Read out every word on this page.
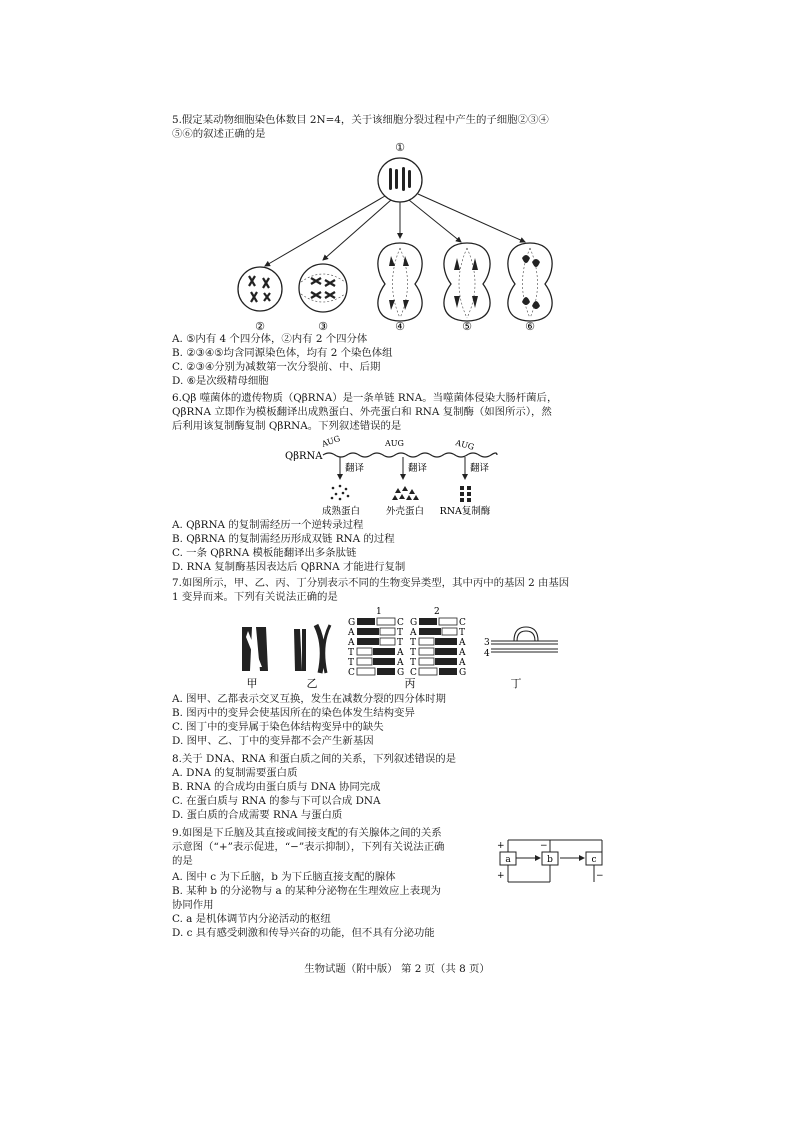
5.假定某动物细胞染色体数目 2N=4，关于该细胞分裂过程中产生的子细胞②③④
⑤⑥的叙述正确的是
①
②	③	④	⑤	⑥
A. ⑤内有 4 个四分体，②内有 2 个四分体
B. ②③④⑤均含同源染色体，均有 2 个染色体组
C. ②③④分别为减数第一次分裂前、中、后期
D. ⑥是次级精母细胞
6.Qβ 噬菌体的遗传物质（QβRNA）是一条单链 RNA。当噬菌体侵染大肠杆菌后，
QβRNA 立即作为模板翻译出成熟蛋白、外壳蛋白和 RNA 复制酶（如图所示），然
后利用该复制酶复制 QβRNA。下列叙述错误的是
QβRNA
AUG	AUG	AUG
翻译	翻译	翻译
成熟蛋白	外壳蛋白 RNA复制酶
A. QβRNA 的复制需经历一个逆转录过程
B. QβRNA 的复制需经历形成双链 RNA 的过程
C. 一条 QβRNA 模板能翻译出多条肽链
D. RNA 复制酶基因表达后 QβRNA 才能进行复制
7.如图所示，甲、乙、丙、丁分别表示不同的生物变异类型，其中丙中的基因 2 由基因
1 变异而来。下列有关说法正确的是
甲	乙
1
G
A
A
T
T
C
C
T
T
A
A
G
2
G
A
T
T
T
C
C
T
A
A
A
G
丙
3
4
丁
A. 图甲、乙都表示交叉互换，发生在减数分裂的四分体时期
B. 图丙中的变异会使基因所在的染色体发生结构变异
C. 图丁中的变异属于染色体结构变异中的缺失
D. 图甲、乙、丁中的变异都不会产生新基因
8.关于 DNA、RNA 和蛋白质之间的关系，下列叙述错误的是
A. DNA 的复制需要蛋白质
B. RNA 的合成均由蛋白质与 DNA 协同完成
C. 在蛋白质与 RNA 的参与下可以合成 DNA
D. 蛋白质的合成需要 RNA 与蛋白质
9.如图是下丘脑及其直接或间接支配的有关腺体之间的关系
示意图（“+”表示促进，“−”表示抑制），下列有关说法正确
的是	a	b	c
+
+
−
−
A. 图中 c 为下丘脑，b 为下丘脑直接支配的腺体
B. 某种 b 的分泌物与 a 的某种分泌物在生理效应上表现为
协同作用
C. a 是机体调节内分泌活动的枢纽
D. c 具有感受刺激和传导兴奋的功能，但不具有分泌功能
生物试题（附中版） 第 2 页（共 8 页）
